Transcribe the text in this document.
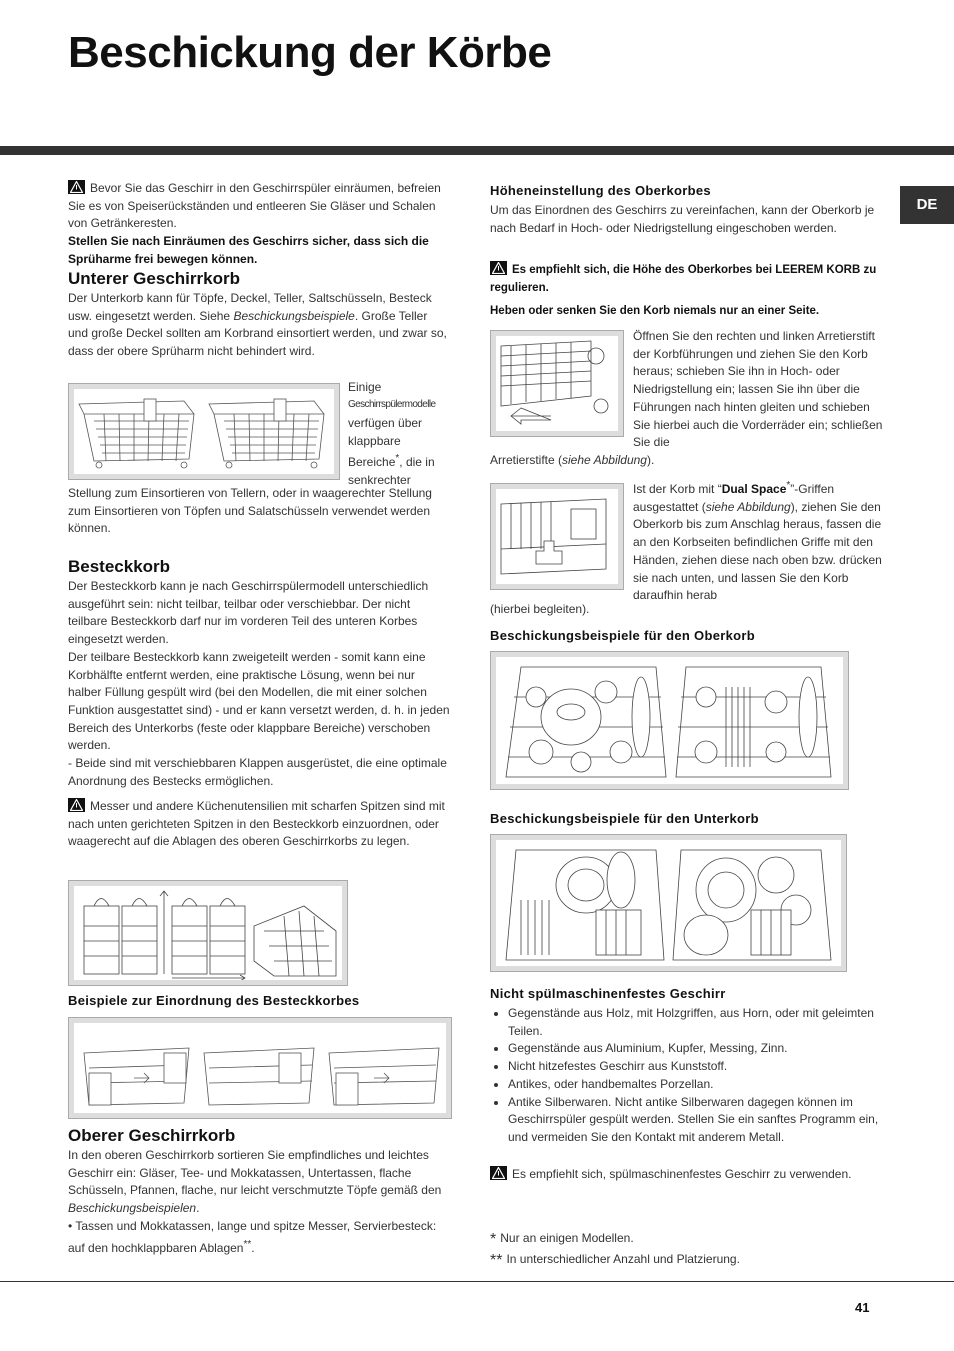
Beschickung der Körbe
DE

Bevor Sie das Geschirr in den Geschirrspüler einräumen, befreien Sie es von Speiserückständen und entleeren Sie Gläser und Schalen von Getränkeresten.

Stellen Sie nach Einräumen des Geschirrs sicher, dass sich die Sprüharme frei bewegen können.

Unterer Geschirrkorb

Der Unterkorb kann für Töpfe, Deckel, Teller, Saltschüsseln, Besteck usw. eingesetzt werden. Siehe Beschickungsbeispiele. Große Teller und große Deckel sollten am Korbrand einsortiert werden, und zwar so, dass der obere Sprüharm nicht behindert wird.

Einige

Geschirrspülermodelle

verfügen über klappbare Bereiche*, die in senkrechter

Stellung zum Einsortieren von Tellern, oder in waagerechter Stellung zum Einsortieren von Töpfen und Salatschüsseln verwendet werden können.

Besteckkorb

Der Besteckkorb kann je nach Geschirrspülermodell unterschiedlich ausgeführt sein: nicht teilbar, teilbar oder verschiebbar. Der nicht teilbare Besteckkorb darf nur im vorderen Teil des unteren Korbes eingesetzt werden.

Der teilbare Besteckkorb kann zweigeteilt werden - somit kann eine Korbhälfte entfernt werden, eine praktische Lösung, wenn bei nur halber Füllung gespült wird (bei den Modellen, die mit einer solchen Funktion ausgestattet sind) - und er kann versetzt werden, d. h. in jeden Bereich des Unterkorbs (feste oder klappbare Bereiche) verschoben werden.

- Beide sind mit verschiebbaren Klappen ausgerüstet, die eine optimale Anordnung des Bestecks ermöglichen.

Messer und andere Küchenutensilien mit scharfen Spitzen sind mit nach unten gerichteten Spitzen in den Besteckkorb einzuordnen, oder waagerecht auf die Ablagen des oberen Geschirrkorbs zu legen.

Beispiele zur Einordnung des Besteckkorbes
Oberer Geschirrkorb

In den oberen Geschirrkorb sortieren Sie empfindliches und leichtes Geschirr ein: Gläser, Tee- und Mokkatassen, Untertassen, flache Schüsseln, Pfannen, flache, nur leicht verschmutzte Töpfe gemäß den Beschickungsbeispielen.

• Tassen und Mokkatassen, lange und spitze Messer, Servierbesteck: auf den hochklappbaren Ablagen**.

Höheneinstellung des Oberkorbes

Um das Einordnen des Geschirrs zu vereinfachen, kann der Oberkorb je nach Bedarf in Hoch- oder Niedrigstellung eingeschoben werden.

Es empfiehlt sich, die Höhe des Oberkorbes bei LEEREM KORB zu regulieren.

Heben oder senken Sie den Korb niemals nur an einer Seite.

Öffnen Sie den rechten und linken Arretierstift der Korbführungen und ziehen Sie den Korb heraus; schieben Sie ihn in Hoch- oder Niedrigstellung ein; lassen Sie ihn über die Führungen nach hinten gleiten und schieben Sie hierbei auch die Vorderräder ein; schließen Sie die

Arretierstifte (siehe Abbildung).

Ist der Korb mit “Dual Space*”-Griffen ausgestattet (siehe Abbildung), ziehen Sie den Oberkorb bis zum Anschlag heraus, fassen die an den Korbseiten befindlichen Griffe mit den Händen, ziehen diese nach oben bzw. drücken sie nach unten, und lassen Sie den Korb daraufhin herab

(hierbei begleiten).

Beschickungsbeispiele für den Oberkorb
Beschickungsbeispiele für den Unterkorb
Nicht spülmaschinenfestes Geschirr
• Gegenstände aus Holz, mit Holzgriffen, aus Horn, oder mit geleimten Teilen.
• Gegenstände aus Aluminium, Kupfer, Messing, Zinn.
• Nicht hitzefestes Geschirr aus Kunststoff.
• Antikes, oder handbemaltes Porzellan.
• Antike Silberwaren. Nicht antike Silberwaren dagegen können im Geschirrspüler gespült werden. Stellen Sie ein sanftes Programm ein, und vermeiden Sie den Kontakt mit anderem Metall.

Es empfiehlt sich, spülmaschinenfestes Geschirr zu verwenden.

* Nur an einigen Modellen.
** In unterschiedlicher Anzahl und Platzierung.
41
